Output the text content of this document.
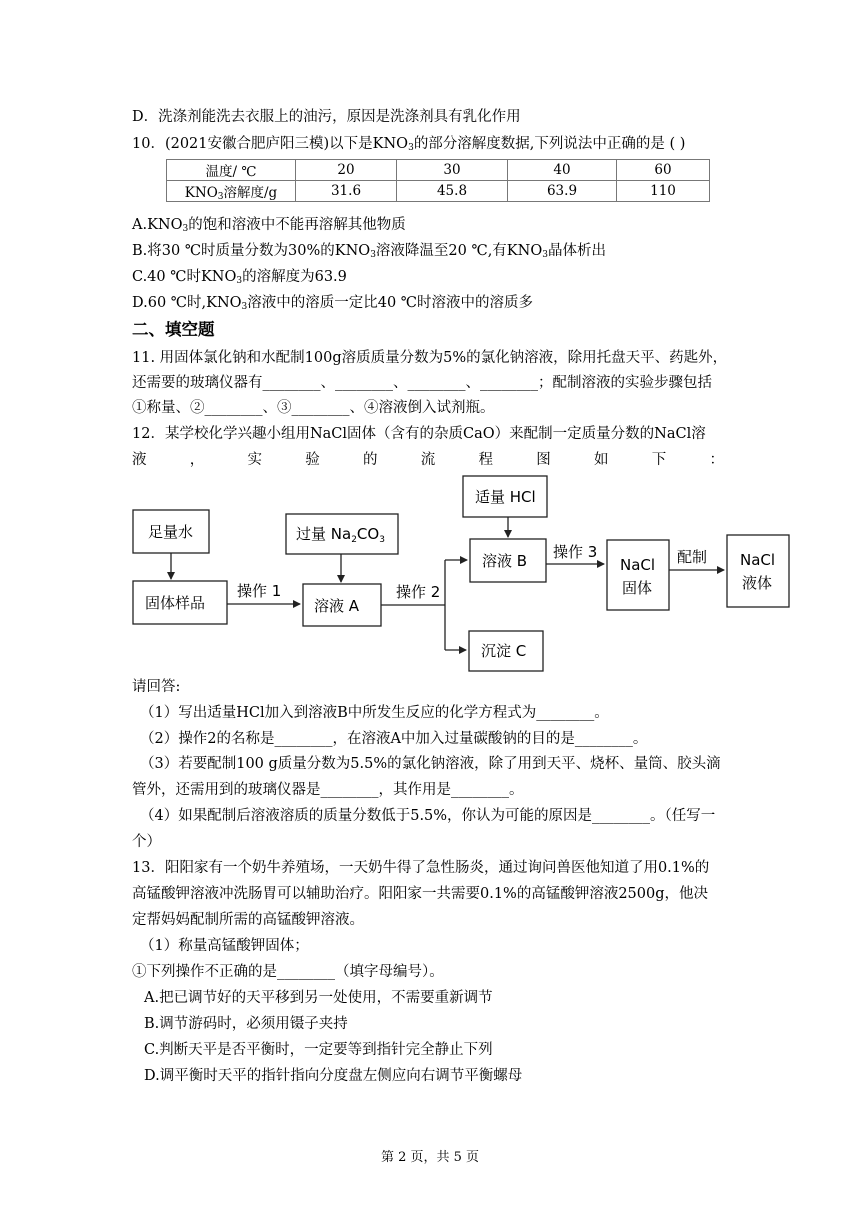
D．洗涤剂能洗去衣服上的油污，原因是洗涤剂具有乳化作用
10．(2021安徽合肥庐阳三模)以下是$KNO_3$的部分溶解度数据,下列说法中正确的是 ( )
温度/ ℃	20	30	40	60
$KNO_3$溶解度/g	31.6	45.8	63.9	110
$A.KNO_3$的饱和溶液中不能再溶解其他物质
B.将30 ℃时质量分数为30%的$KNO_3$溶液降温至20 ℃,有$KNO_3$晶体析出
C.40 ℃时$KNO_3$的溶解度为63.9
D.60 ℃时$,KNO_3$溶液中的溶质一定比40 ℃时溶液中的溶质多
二、填空题
11. 用固体氯化钠和水配制100g溶质质量分数为5%的氯化钠溶液，除用托盘天平、药匙外，
还需要的玻璃仪器有________、________、________、________；配制溶液的实验步骤包括
①称量、②________、③________、④溶液倒入试剂瓶。
12．某学校化学兴趣小组用NaCl固体（含有的杂质CaO）来配制一定质量分数的NaCl溶
液	，	实	验	的	流	程	图	如	下	：
足量水
固体样品
操作 1
过量 $Na_2CO_3$
溶液 A
操作 2
适量 HCl
溶液 B 操作 3
沉淀 C
NaCl
固体
配制 NaCl
液体
请回答:
（1）写出适量HCl加入到溶液B中所发生反应的化学方程式为________。
（2）操作2的名称是________，在溶液A中加入过量碳酸钠的目的是________。
（3）若要配制100 g质量分数为5.5%的氯化钠溶液，除了用到天平、烧杯、量筒、胶头滴
管外，还需用到的玻璃仪器是________，其作用是________。
（4）如果配制后溶液溶质的质量分数低于5.5%，你认为可能的原因是________。（任写一
个）
13．阳阳家有一个奶牛养殖场，一天奶牛得了急性肠炎，通过询问兽医他知道了用0.1%的
高锰酸钾溶液冲洗肠胃可以辅助治疗。阳阳家一共需要0.1%的高锰酸钾溶液2500g，他决
定帮妈妈配制所需的高锰酸钾溶液。
（1）称量高锰酸钾固体；
①下列操作不正确的是________（填字母编号）。
A.把已调节好的天平移到另一处使用，不需要重新调节
B.调节游码时，必须用镊子夹持
C.判断天平是否平衡时，一定要等到指针完全静止下列
D.调平衡时天平的指针指向分度盘左侧应向右调节平衡螺母
第 2 页，共 5 页
